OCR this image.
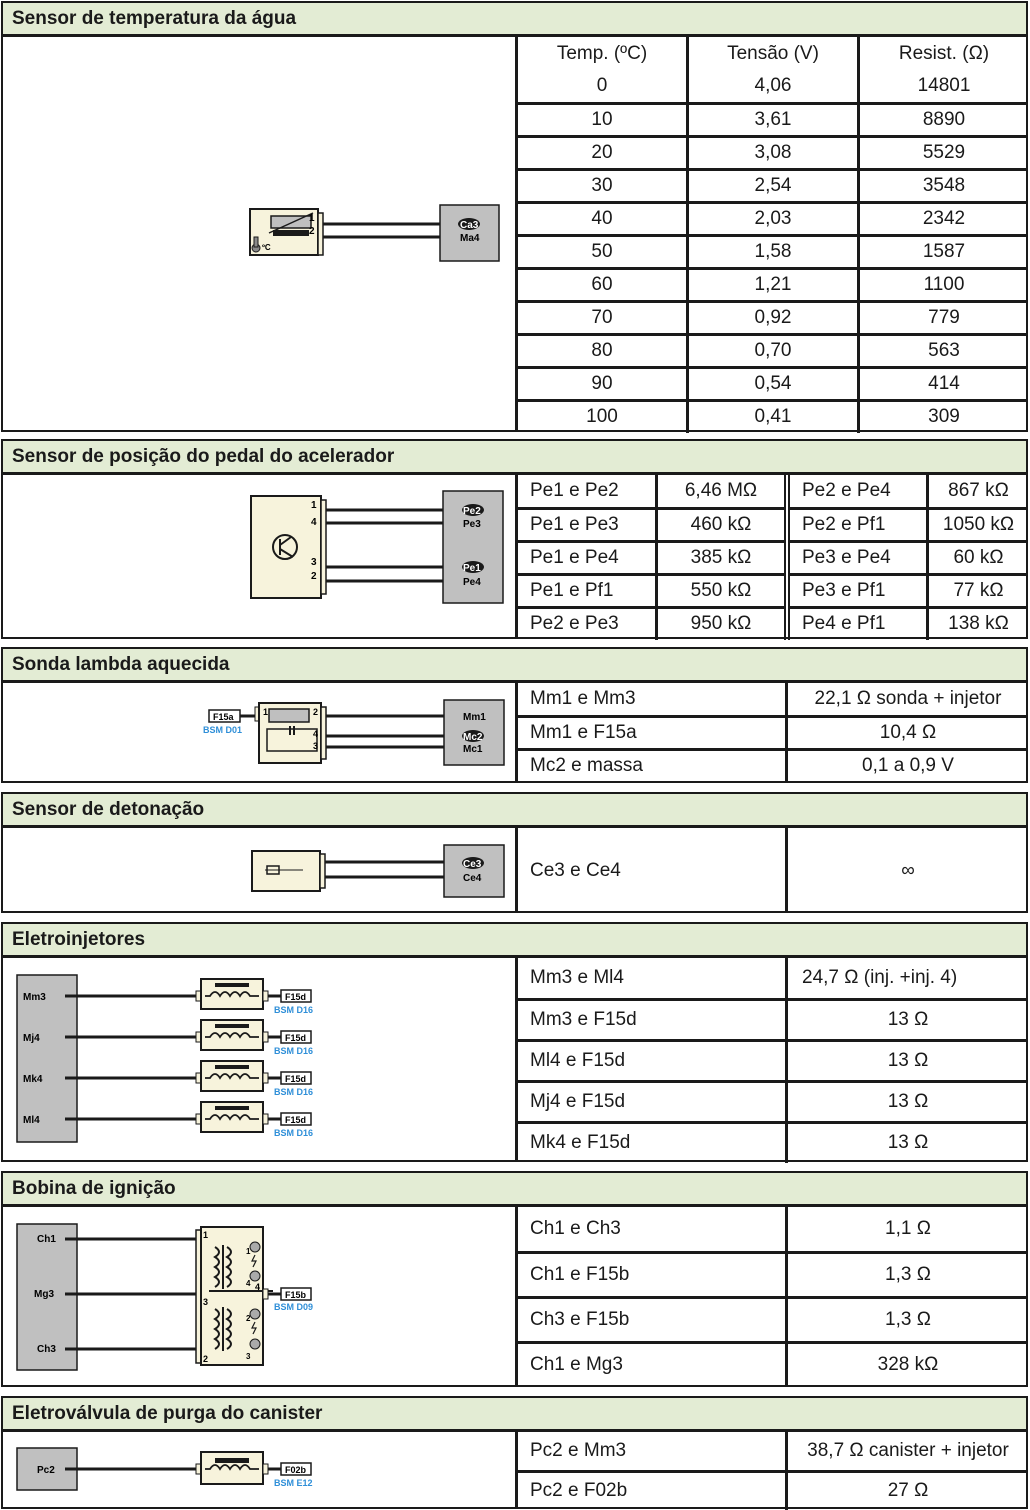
Sensor de temperatura da água
ºC
1
2
Ca3
Ma4
Temp. (ºC)	Tensão (V)	Resist. (Ω)
0	4,06	14801
10	3,61	8890
20	3,08	5529
30	2,54	3548
40	2,03	2342
50	1,58	1587
60	1,21	1100
70	0,92	779
80	0,70	563
90	0,54	414
100	0,41	309
Sensor de posição do pedal do acelerador
1
4
3
2
Pe2
Pe3
Pe1
Pe4
Pe1 e Pe2	6,46 MΩ	Pe2 e Pe4	867 kΩ
Pe1 e Pe3	460 kΩ	Pe2 e Pf1	1050 kΩ
Pe1 e Pe4	385 kΩ	Pe3 e Pe4	60 kΩ
Pe1 e Pf1	550 kΩ	Pe3 e Pf1	77 kΩ
Pe2 e Pe3	950 kΩ	Pe4 e Pf1	138 kΩ
Sonda lambda aquecida
F15a
BSM D01
1	2
4
3
Mm1
Mc2
Mc1
Mm1 e Mm3	22,1 Ω sonda + injetor
Mm1 e F15a	10,4 Ω
Mc2 e massa	0,1 a 0,9 V
Sensor de detonação
Ce3
Ce4	Ce3 e Ce4	∞
Eletroinjetores
Mm3	F15d
BSM D16
Mj4	F15d
BSM D16
Mk4	F15d
BSM D16
Ml4	F15d
BSM D16
Mm3 e Ml4	24,7 Ω (inj. +inj. 4)
Mm3 e F15d	13 Ω
Ml4 e F15d	13 Ω
Mj4 e F15d	13 Ω
Mk4 e F15d	13 Ω
Bobina de ignição
Ch1
Mg3
Ch3
1
3
2
4
1
4
2
3
F15b
BSM D09
Ch1 e Ch3	1,1 Ω
Ch1 e F15b	1,3 Ω
Ch3 e F15b	1,3 Ω
Ch1 e Mg3	328 kΩ
Eletroválvula de purga do canister
Pc2	F02b
BSM E12
Pc2 e Mm3	38,7 Ω canister + injetor
Pc2 e F02b	27 Ω
